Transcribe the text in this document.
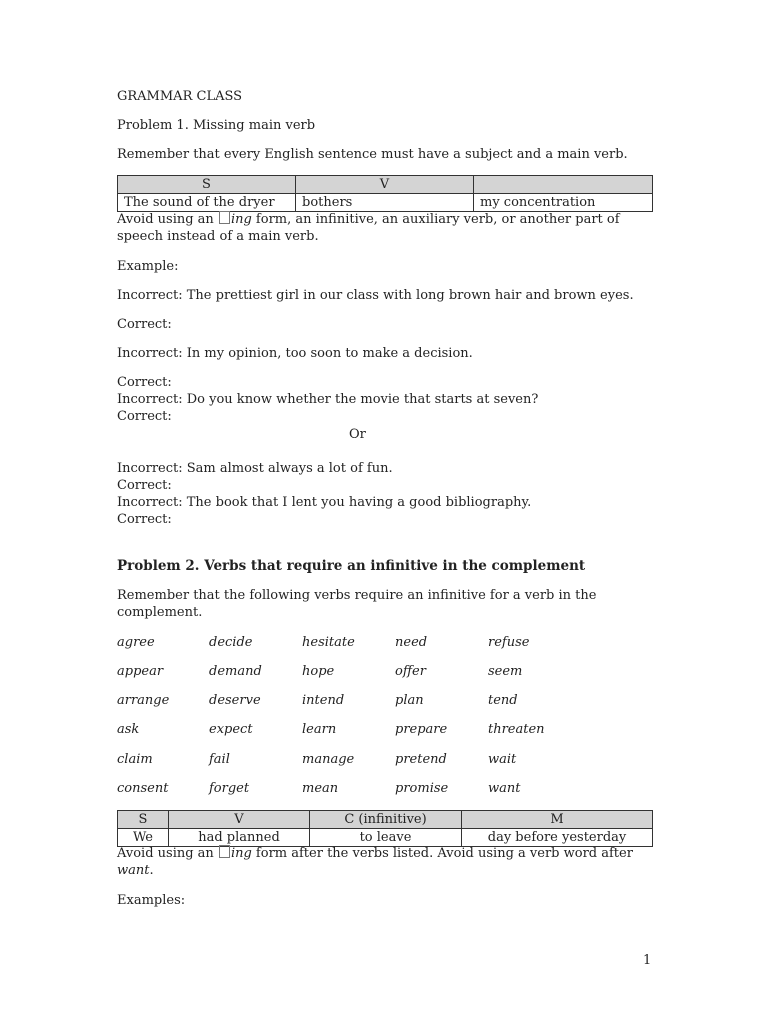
GRAMMAR CLASS
Problem 1. Missing main verb
Remember that every English sentence must have a subject and a main verb.
S	V	
The sound of the dryer	bothers	my concentration
Avoid using an ing form, an infinitive, an auxiliary verb, or another part of
speech instead of a main verb.
Example:
Incorrect: The prettiest girl in our class with long brown hair and brown eyes.
Correct:
Incorrect: In my opinion, too soon to make a decision.
Correct:
Incorrect: Do you know whether the movie that starts at seven?
Correct:
Or
Incorrect: Sam almost always a lot of fun.
Correct:
Incorrect: The book that I lent you having a good bibliography.
Correct:
Problem 2. Verbs that require an infinitive in the complement
Remember that the following verbs require an infinitive for a verb in the
complement.
agree	decide	hesitate	need	refuse
appear	demand	hope	offer	seem
arrange	deserve	intend	plan	tend
ask	expect	learn	prepare	threaten
claim	fail	manage	pretend	wait
consent	forget	mean	promise	want
S	V	C (infinitive)	M
We	had planned	to leave	day before yesterday
Avoid using an ing form after the verbs listed. Avoid using a verb word after
want.
Examples:
1
